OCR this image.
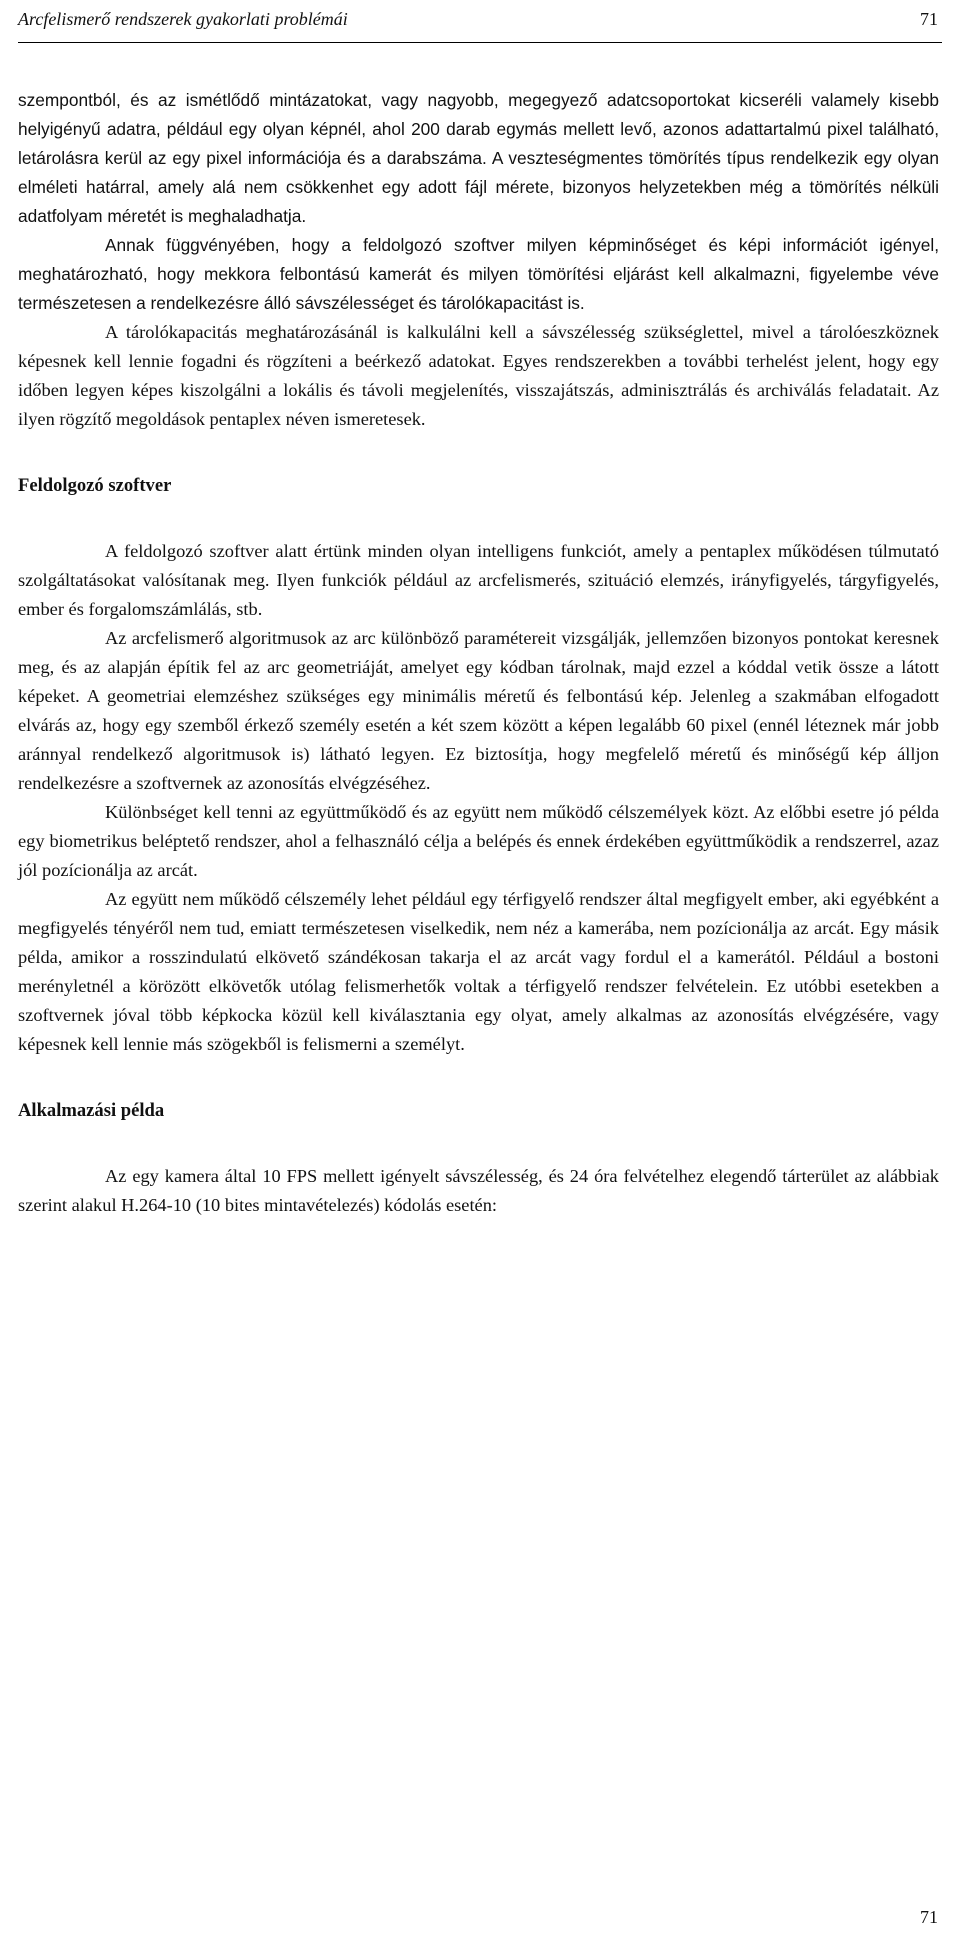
Arcfelismerő rendszerek gyakorlati problémái	71

szempontból, és az ismétlődő mintázatokat, vagy nagyobb, megegyező adatcsoportokat kicseréli valamely kisebb helyigényű adatra, például egy olyan képnél, ahol 200 darab egymás mellett levő, azonos adattartalmú pixel található, letárolásra kerül az egy pixel információja és a darabszáma. A veszteségmentes tömörítés típus rendelkezik egy olyan elméleti határral, amely alá nem csökkenhet egy adott fájl mérete, bizonyos helyzetekben még a tömörítés nélküli adatfolyam méretét is meghaladhatja.

Annak függvényében, hogy a feldolgozó szoftver milyen képminőséget és képi információt igényel, meghatározható, hogy mekkora felbontású kamerát és milyen tömörítési eljárást kell alkalmazni, figyelembe véve természetesen a rendelkezésre álló sávszélességet és tárolókapacitást is.

A tárolókapacitás meghatározásánál is kalkulálni kell a sávszélesség szükséglettel, mivel a tárolóeszköznek képesnek kell lennie fogadni és rögzíteni a beérkező adatokat. Egyes rendszerekben a további terhelést jelent, hogy egy időben legyen képes kiszolgálni a lokális és távoli megjelenítés, visszajátszás, adminisztrálás és archiválás feladatait. Az ilyen rögzítő megoldások pentaplex néven ismeretesek.

Feldolgozó szoftver

A feldolgozó szoftver alatt értünk minden olyan intelligens funkciót, amely a pentaplex működésen túlmutató szolgáltatásokat valósítanak meg. Ilyen funkciók például az arcfelismerés, szituáció elemzés, irányfigyelés, tárgyfigyelés, ember és forgalomszámlálás, stb.

Az arcfelismerő algoritmusok az arc különböző paramétereit vizsgálják, jellemzően bizonyos pontokat keresnek meg, és az alapján építik fel az arc geometriáját, amelyet egy kódban tárolnak, majd ezzel a kóddal vetik össze a látott képeket. A geometriai elemzéshez szükséges egy minimális méretű és felbontású kép. Jelenleg a szakmában elfogadott elvárás az, hogy egy szemből érkező személy esetén a két szem között a képen legalább 60 pixel (ennél léteznek már jobb aránnyal rendelkező algoritmusok is) látható legyen. Ez biztosítja, hogy megfelelő méretű és minőségű kép álljon rendelkezésre a szoftvernek az azonosítás elvégzéséhez.

Különbséget kell tenni az együttműködő és az együtt nem működő célszemélyek közt. Az előbbi esetre jó példa egy biometrikus beléptető rendszer, ahol a felhasználó célja a belépés és ennek érdekében együttműködik a rendszerrel, azaz jól pozícionálja az arcát.

Az együtt nem működő célszemély lehet például egy térfigyelő rendszer által megfigyelt ember, aki egyébként a megfigyelés tényéről nem tud, emiatt természetesen viselkedik, nem néz a kamerába, nem pozícionálja az arcát. Egy másik példa, amikor a rosszindulatú elkövető szándékosan takarja el az arcát vagy fordul el a kamerától. Például a bostoni merényletnél a körözött elkövetők utólag felismerhetők voltak a térfigyelő rendszer felvételein. Ez utóbbi esetekben a szoftvernek jóval több képkocka közül kell kiválasztania egy olyat, amely alkalmas az azonosítás elvégzésére, vagy képesnek kell lennie más szögekből is felismerni a személyt.

Alkalmazási példa

Az egy kamera által 10 FPS mellett igényelt sávszélesség, és 24 óra felvételhez elegendő tárterület az alábbiak szerint alakul H.264-10 (10 bites mintavételezés) kódolás esetén:

71
